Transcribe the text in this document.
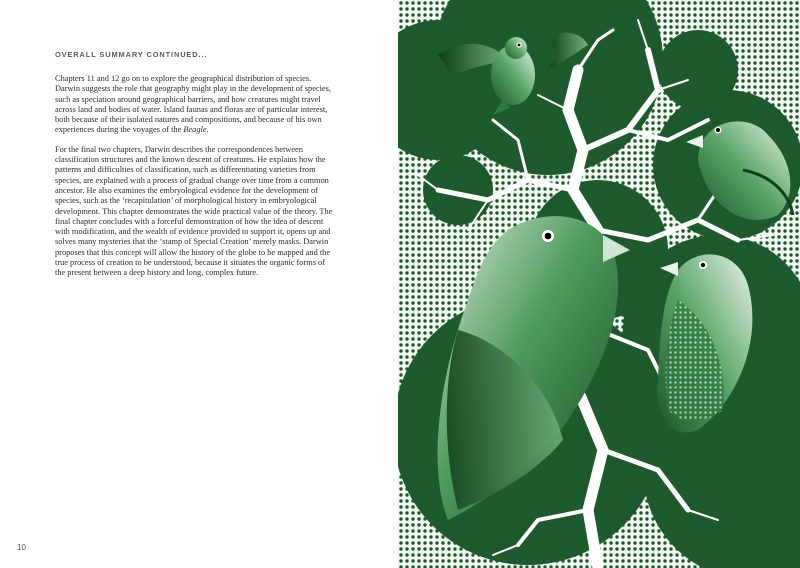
OVERALL SUMMARY CONTINUED...

Chapters 11 and 12 go on to explore the geographical distribution of species. Darwin suggests the role that geography might play in the development of species, such as speciation around geographical barriers, and how creatures might travel across land and bodies of water. Island faunas and floras are of particular interest, both because of their isolated natures and compositions, and because of his own experiences during the voyages of the Beagle.

For the final two chapters, Darwin describes the correspondences between classification structures and the known descent of creatures. He explains how the patterns and difficulties of classification, such as differentiating varieties from species, are explained with a process of gradual change over time from a common ancestor. He also examines the embryological evidence for the development of species, such as the ‘recapitulation’ of morphological history in embryological development. This chapter demonstrates the wide practical value of the theory. The final chapter concludes with a forceful demonstration of how the idea of descent with modification, and the wealth of evidence provided to support it, opens up and solves many mysteries that the ‘stamp of Special Creation’ merely masks. Darwin proposes that this concept will allow the history of the globe to be mapped and the true process of creation to be understood, because it situates the organic forms of the present between a deep history and long, complex future.

10
